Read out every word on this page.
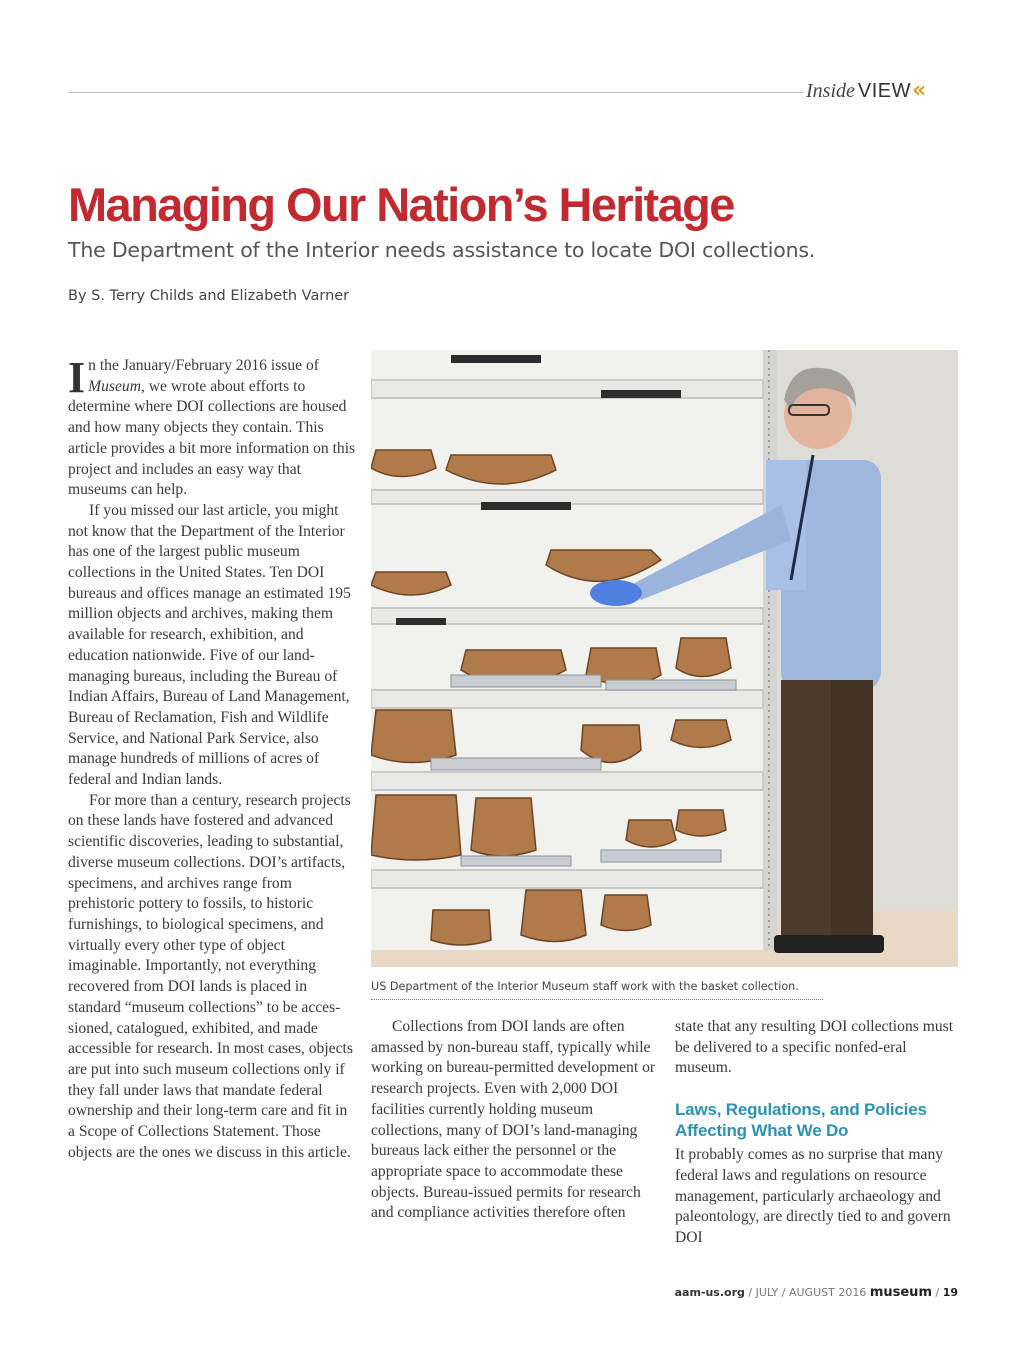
Inside VIEW«
Managing Our Nation’s Heritage
The Department of the Interior needs assistance to locate DOI collections.
By S. Terry Childs and Elizabeth Varner

In the January/February 2016 issue of Museum, we wrote about efforts to determine where DOI collections are housed and how many objects they contain. This article provides a bit more information on this project and includes an easy way that museums can help.

If you missed our last article, you might not know that the Department of the Interior has one of the largest public museum collections in the United States. Ten DOI bureaus and offices manage an estimated 195 million objects and archives, making them available for research, exhibition, and education nationwide. Five of our land-managing bureaus, including the Bureau of Indian Affairs, Bureau of Land Management, Bureau of Reclamation, Fish and Wildlife Service, and National Park Service, also manage hundreds of millions of acres of federal and Indian lands.

For more than a century, research projects on these lands have fostered and advanced scientific discoveries, leading to substantial, diverse museum collections. DOI’s artifacts, specimens, and archives range from prehistoric pottery to fossils, to historic furnishings, to biological specimens, and virtually every other type of object imaginable. Importantly, not everything recovered from DOI lands is placed in standard “museum collections” to be acces-sioned, catalogued, exhibited, and made accessible for research. In most cases, objects are put into such museum collections only if they fall under laws that mandate federal ownership and their long-term care and fit in a Scope of Collections Statement. Those objects are the ones we discuss in this article.

US Department of the Interior Museum staff work with the basket collection.

Collections from DOI lands are often amassed by non-bureau staff, typically while working on bureau-permitted development or research projects. Even with 2,000 DOI facilities currently holding museum collections, many of DOI’s land-managing bureaus lack either the personnel or the appropriate space to accommodate these objects. Bureau-issued permits for research and compliance activities therefore often

state that any resulting DOI collections must be delivered to a specific nonfed-eral museum.

Laws, Regulations, and Policies Affecting What We Do

It probably comes as no surprise that many federal laws and regulations on resource management, particularly archaeology and paleontology, are directly tied to and govern DOI

aam-us.org / JULY / AUGUST 2016 museum / 19
